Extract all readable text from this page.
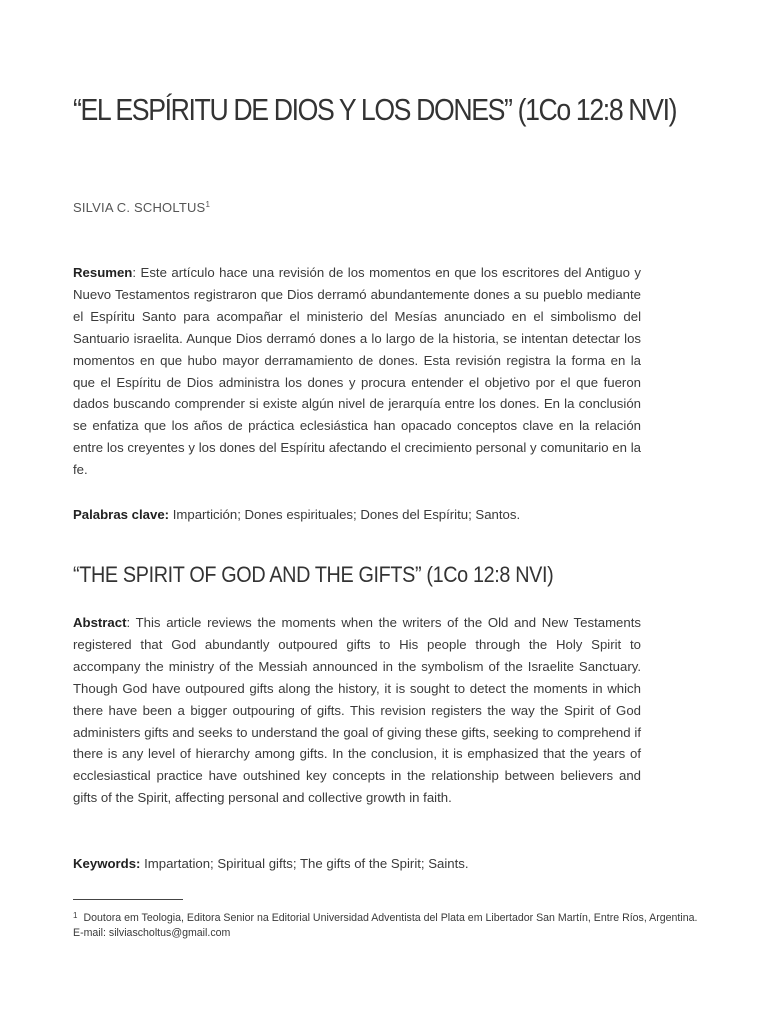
“EL ESPÍRITU DE DIOS Y LOS DONES” (1Co 12:8 NVI)
SILVIA C. SCHOLTUS$^1$

Resumen: Este artículo hace una revisión de los momentos en que los escritores del Antiguo y Nuevo Testamentos registraron que Dios derramó abundantemente dones a su pueblo mediante el Espíritu Santo para acompañar el ministerio del Mesías anunciado en el simbolismo del Santuario israelita. Aunque Dios derramó dones a lo largo de la historia, se intentan detectar los momentos en que hubo mayor derramamiento de dones. Esta revisión registra la forma en la que el Espíritu de Dios administra los dones y procura entender el objetivo por el que fueron dados buscando comprender si existe algún nivel de jerarquía entre los dones. En la conclusión se enfatiza que los años de práctica eclesiástica han opacado conceptos clave en la relación entre los creyentes y los dones del Espíritu afectando el crecimiento personal y comunitario en la fe.

Palabras clave: Impartición; Dones espirituales; Dones del Espíritu; Santos.

“THE SPIRIT OF GOD AND THE GIFTS” (1Co 12:8 NVI)

Abstract: This article reviews the moments when the writers of the Old and New Testaments registered that God abundantly outpoured gifts to His people through the Holy Spirit to accompany the ministry of the Messiah announced in the symbolism of the Israelite Sanctuary. Though God have outpoured gifts along the history, it is sought to detect the moments in which there have been a bigger outpouring of gifts. This revision registers the way the Spirit of God administers gifts and seeks to understand the goal of giving these gifts, seeking to comprehend if there is any level of hierarchy among gifts. In the conclusion, it is emphasized that the years of ecclesiastical practice have outshined key concepts in the relationship between believers and gifts of the Spirit, affecting personal and collective growth in faith.

Keywords: Impartation; Spiritual gifts; The gifts of the Spirit; Saints.

$^1$ Doutora em Teologia, Editora Senior na Editorial Universidad Adventista del Plata em Libertador San Martín, Entre Ríos, Argentina. E-mail: silviascholtus@gmail.com
